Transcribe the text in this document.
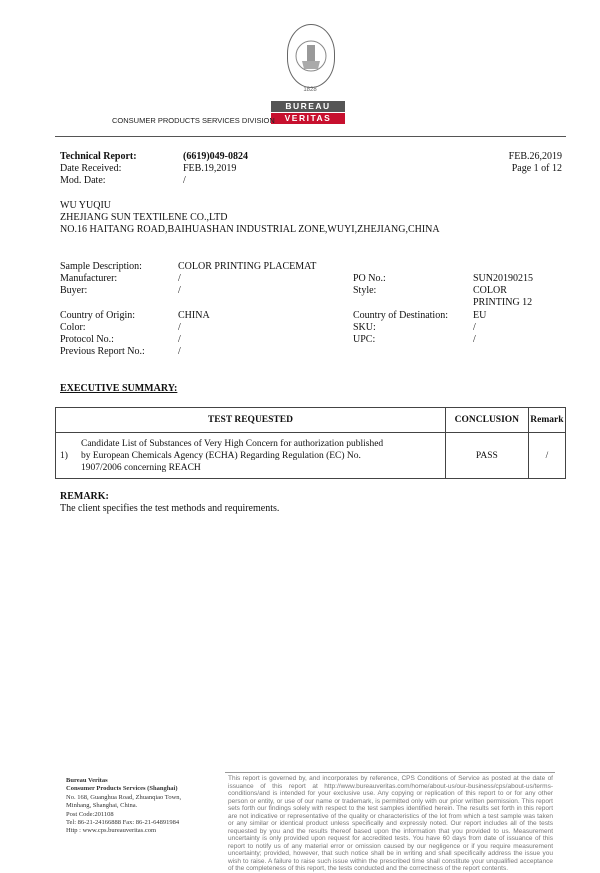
1828
BUREAU
VERITAS
CONSUMER PRODUCTS SERVICES DIVISION
Technical Report:	(6619)049-0824	FEB.26,2019
Date Received:	FEB.19,2019	Page 1 of 12
Mod. Date:	/
WU YUQIU
ZHEJIANG SUN TEXTILENE CO.,LTD
NO.16 HAITANG ROAD,BAIHUASHAN INDUSTRIAL ZONE,WUYI,ZHEJIANG,CHINA
Sample Description:	COLOR PRINTING PLACEMAT
Manufacturer:	/	PO No.:	SUN20190215
Buyer:	/	Style:	COLOR
PRINTING 12
Country of Origin:	CHINA	Country of Destination:	EU
Color:	/	SKU:	/
Protocol No.:	/	UPC:	/
Previous Report No.:	/
EXECUTIVE SUMMARY:
TEST REQUESTED		CONCLUSION	Remark
1)	Candidate List of Substances of Very High Concern for authorization published
by European Chemicals Agency (ECHA) Regarding Regulation (EC) No.
1907/2006 concerning REACH	PASS	/
REMARK:
The client specifies the test methods and requirements.
Bureau Veritas
Consumer Products Services (Shanghai)
No. 168, Guanghua Road, Zhuanqiao Town,
Minhang, Shanghai, China.
Post Code:201108
Tel: 86-21-24166888 Fax: 86-21-64891984
Http : www.cps.bureauveritas.com
This report is governed by, and incorporates by reference, CPS Conditions of Service as posted at the date of issuance of this report at http://www.bureauveritas.com/home/about-us/our-business/cps/about-us/terms-conditions/and is intended for your exclusive use. Any copying or replication of this report to or for any other person or entity, or use of our name or trademark, is permitted only with our prior written permission. This report sets forth our findings solely with respect to the test samples identified herein. The results set forth in this report are not indicative or representative of the quality or characteristics of the lot from which a test sample was taken or any similar or identical product unless specifically and expressly noted. Our report includes all of the tests requested by you and the results thereof based upon the information that you provided to us. Measurement uncertainty is only provided upon request for accredited tests. You have 60 days from date of issuance of this report to notify us of any material error or omission caused by our negligence or if you require measurement uncertainty; provided, however, that such notice shall be in writing and shall specifically address the issue you wish to raise. A failure to raise such issue within the prescribed time shall constitute your unqualified acceptance of the completeness of this report, the tests conducted and the correctness of the report contents.
